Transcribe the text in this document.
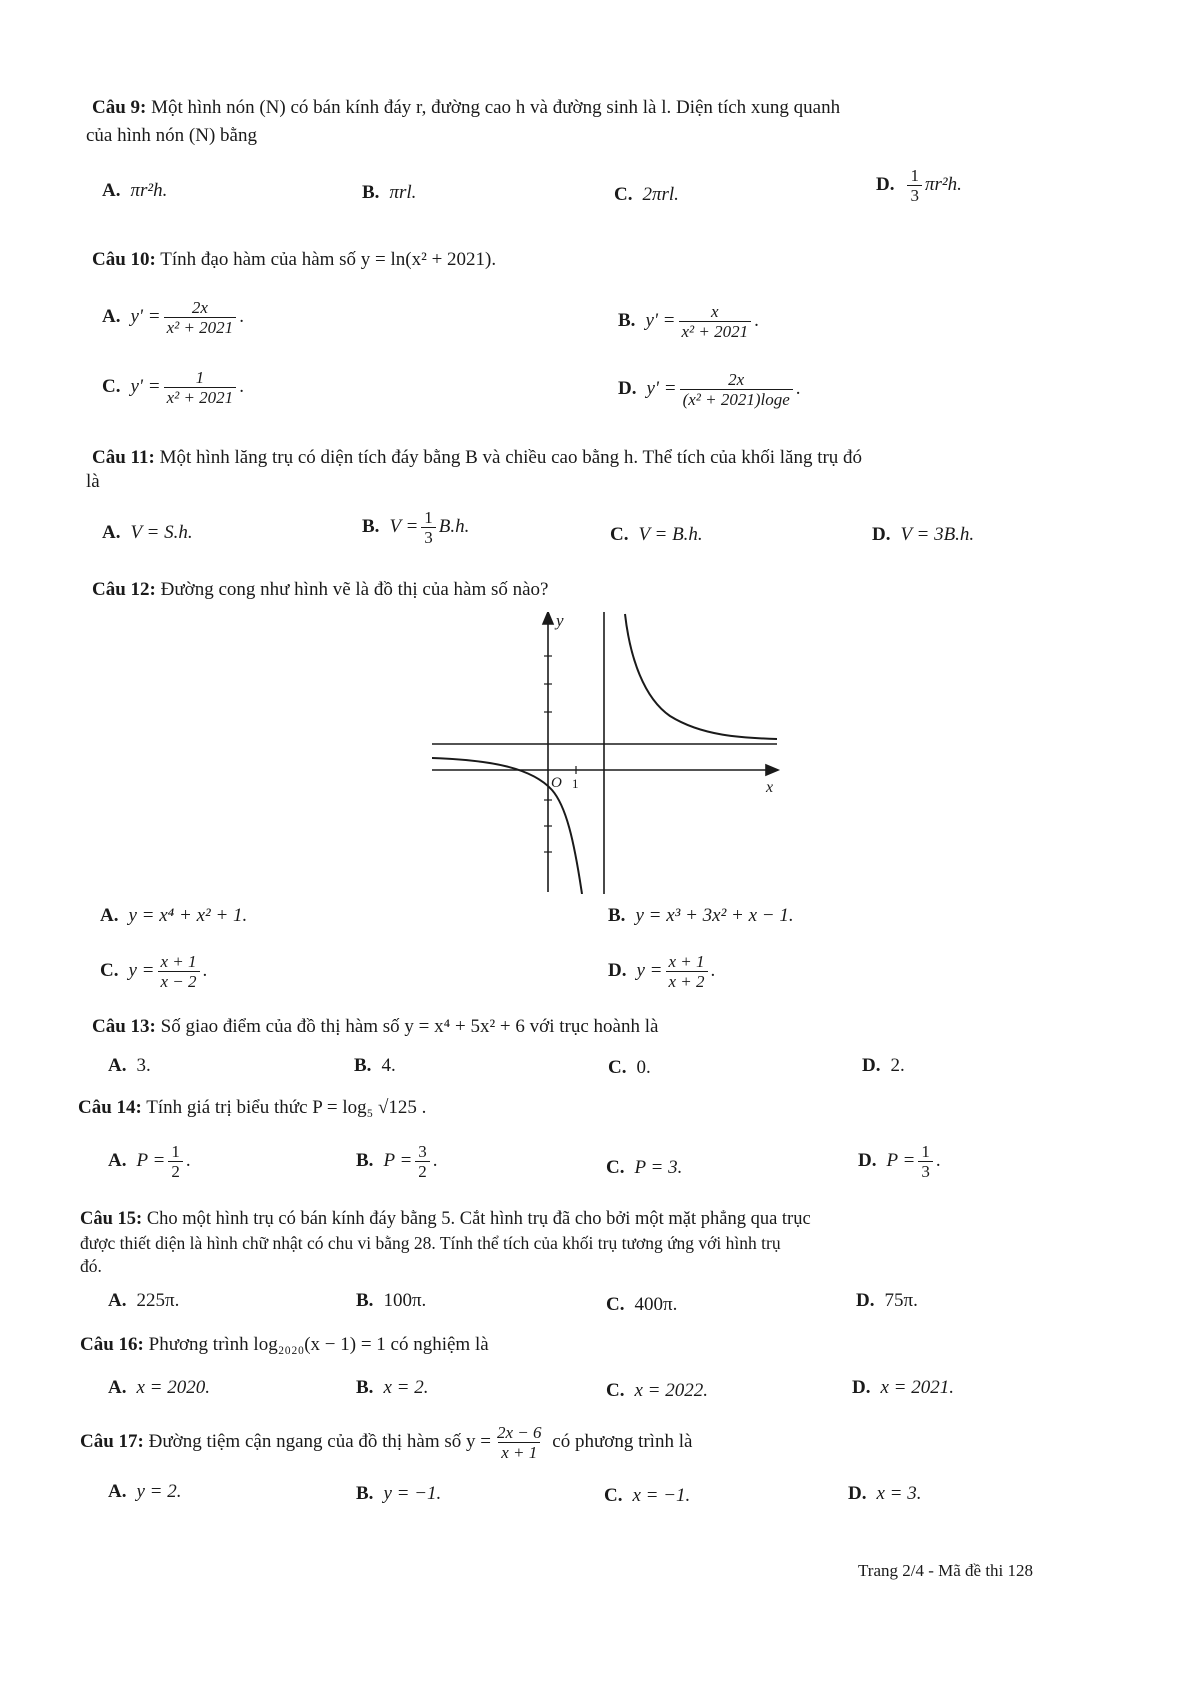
Câu 9: Một hình nón (N) có bán kính đáy r, đường cao h và đường sinh là l. Diện tích xung quanh
của hình nón (N) bằng
A. πr²h.	B. πrl.	C. 2πrl.	D. $\frac{1}{3} \pi r^2h$.
Câu 10: Tính đạo hàm của hàm số y = ln(x² + 2021).
A. $y' = \frac{2x}{\text{x² + 2021}}$ .	B. $y' = \frac{x}{\text{x² + 2021}}$ .
C. $y' = \frac{1}{\text{x² + 2021}}$ .	D. $y' = \frac{2x}{\text{(x² + 2021)loge}}$ .
Câu 11: Một hình lăng trụ có diện tích đáy bằng B và chiều cao bằng h. Thể tích của khối lăng trụ đó
là
A. V = S.h.	B. $V = \frac{1}{3} B.h$.	C. V = B.h.	D. V = 3B.h.
Câu 12: Đường cong như hình vẽ là đồ thị của hàm số nào?
y
x
O 1
A. y = x⁴ + x² + 1.	B. y = x³ + 3x² + x − 1.
C. $y = \frac{x + 1}{x - 2}$ .	D. $y = \frac{x + 1}{x + 2}$ .
Câu 13: Số giao điểm của đồ thị hàm số y = x⁴ + 5x² + 6 với trục hoành là
A. 3.	B. 4.	C. 0.	D. 2.
Câu 14: Tính giá trị biểu thức P = log₅ √125 .
A. $P = \frac{1}{2}$ .	B. $P = \frac{3}{2}$ .	C. P = 3.	D. $P = \frac{1}{3}$ .
Câu 15: Cho một hình trụ có bán kính đáy bằng 5. Cắt hình trụ đã cho bởi một mặt phẳng qua trục
được thiết diện là hình chữ nhật có chu vi bằng 28. Tính thể tích của khối trụ tương ứng với hình trụ
đó.
A. 225π.	B. 100π.	C. 400π.	D. 75π.
Câu 16: Phương trình log₂₀₂₀(x − 1) = 1 có nghiệm là
A. x = 2020.	B. x = 2.	C. x = 2022.	D. x = 2021.
Câu 17: Đường tiệm cận ngang của đồ thị hàm số $y = \frac{2x - 6}{x + 1}$ có phương trình là
A. y = 2.	B. y = −1.	C. x = −1.	D. x = 3.
Trang 2/4 - Mã đề thi 128
